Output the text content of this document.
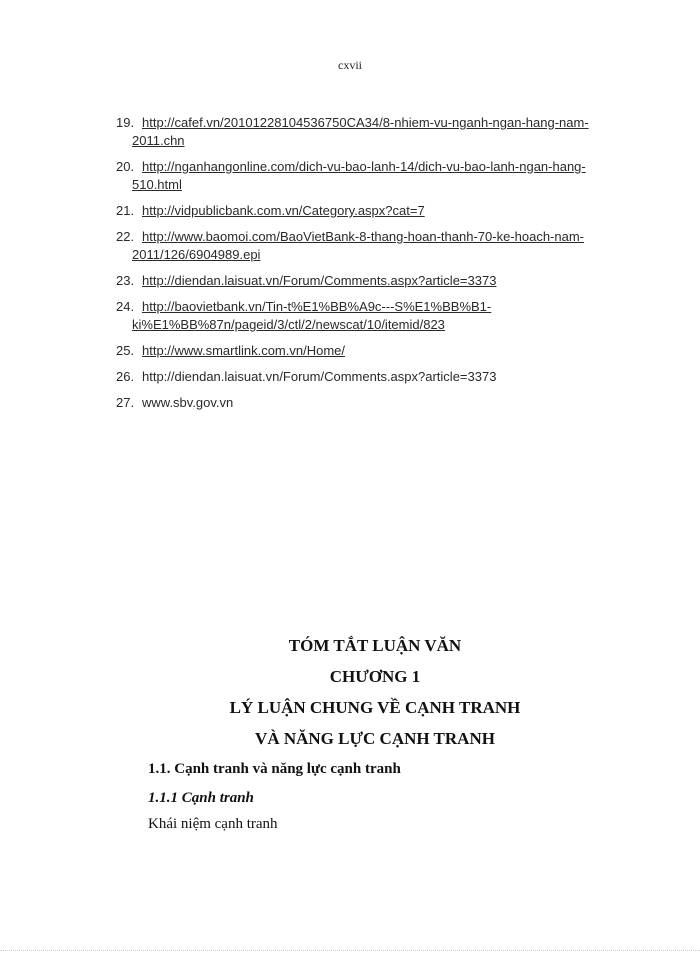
cxvii
19. http://cafef.vn/20101228104536750CA34/8-nhiem-vu-nganh-ngan-hang-nam-
2011.chn
20. http://nganhangonline.com/dich-vu-bao-lanh-14/dich-vu-bao-lanh-ngan-hang-
510.html
21. http://vidpublicbank.com.vn/Category.aspx?cat=7
22. http://www.baomoi.com/BaoVietBank-8-thang-hoan-thanh-70-ke-hoach-nam-
2011/126/6904989.epi
23. http://diendan.laisuat.vn/Forum/Comments.aspx?article=3373
24. http://baovietbank.vn/Tin-t%E1%BB%A9c---S%E1%BB%B1-
ki%E1%BB%87n/pageid/3/ctl/2/newscat/10/itemid/823
25. http://www.smartlink.com.vn/Home/
26. http://diendan.laisuat.vn/Forum/Comments.aspx?article=3373
27. www.sbv.gov.vn
TÓM TẮT LUẬN VĂN
CHƯƠNG 1
LÝ LUẬN CHUNG VỀ CẠNH TRANH
VÀ NĂNG LỰC CẠNH TRANH
1.1. Cạnh tranh và năng lực cạnh tranh
1.1.1 Cạnh tranh
Khái niệm cạnh tranh
